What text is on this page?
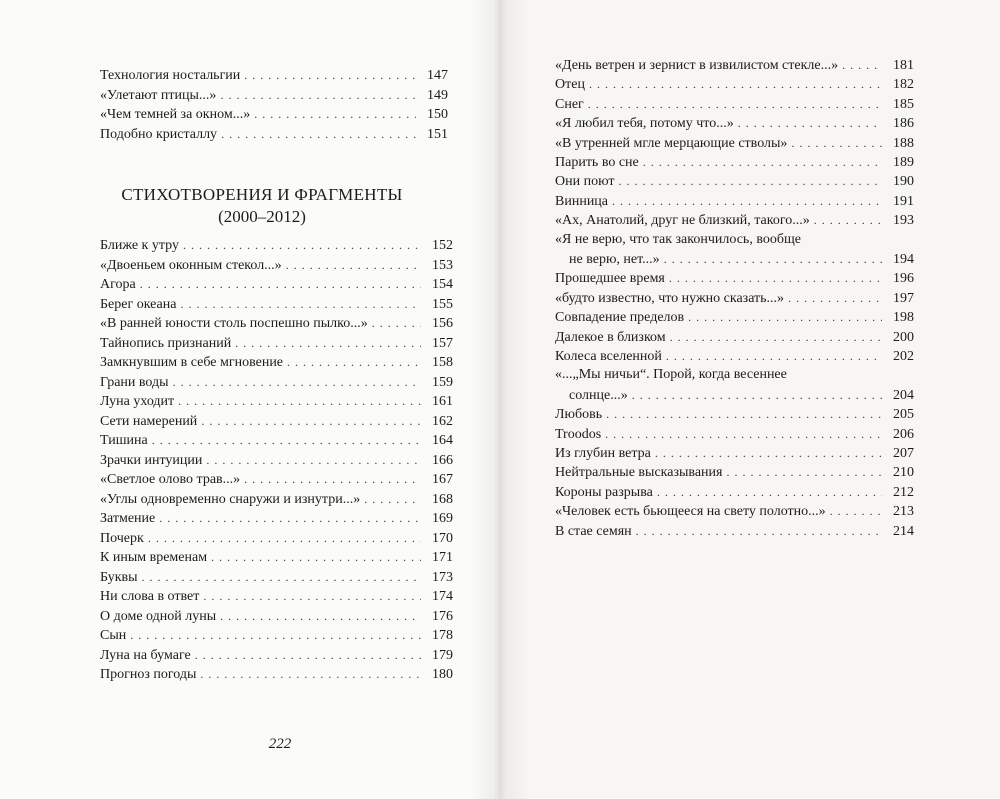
Технология ностальгии . . .	147
«Улетают птицы...» . . .	149
«Чем темней за окном...» . . .	150
Подобно кристаллу . . .	151
СТИХОТВОРЕНИЯ И ФРАГМЕНТЫ
(2000–2012)
Ближе к утру . . .	152
«Двоеньем оконным стекол...» . . .	153
Агора . . .	154
Берег океана . . .	155
«В ранней юности столь поспешно пылко...» . . .	156
Тайнопись признаний . . .	157
Замкнувшим в себе мгновение . . .	158
Грани воды . . .	159
Луна уходит . . .	161
Сети намерений . . .	162
Тишина . . .	164
Зрачки интуиции . . .	166
«Светлое олово трав...» . . .	167
«Углы одновременно снаружи и изнутри...» . . .	168
Затмение . . .	169
Почерк . . .	170
К иным временам . . .	171
Буквы . . .	173
Ни слова в ответ . . .	174
О доме одной луны . . .	176
Сын . . .	178
Луна на бумаге . . .	179
Прогноз погоды . . .	180
222
«День ветрен и зернист в извилистом стекле...» . . .	181
Отец . . .	182
Снег . . .	185
«Я любил тебя, потому что...» . . .	186
«В утренней мгле мерцающие стволы» . . .	188
Парить во сне . . .	189
Они поют . . .	190
Винница . . .	191
«Ах, Анатолий, друг не близкий, такого...» . . .	193
«Я не верю, что так закончилось, вообще
не верю, нет...» . . .	194
Прошедшее время . . .	196
«будто известно, что нужно сказать...» . . .	197
Совпадение пределов . . .	198
Далекое в близком . . .	200
Колеса вселенной . . .	202
«...„Мы ничьи“. Порой, когда весеннее
солнце...» . . .	204
Любовь . . .	205
Troodos . . .	206
Из глубин ветра . . .	207
Нейтральные высказывания . . .	210
Короны разрыва . . .	212
«Человек есть бьющееся на свету полотно...» . . .	213
В стае семян . . .	214
